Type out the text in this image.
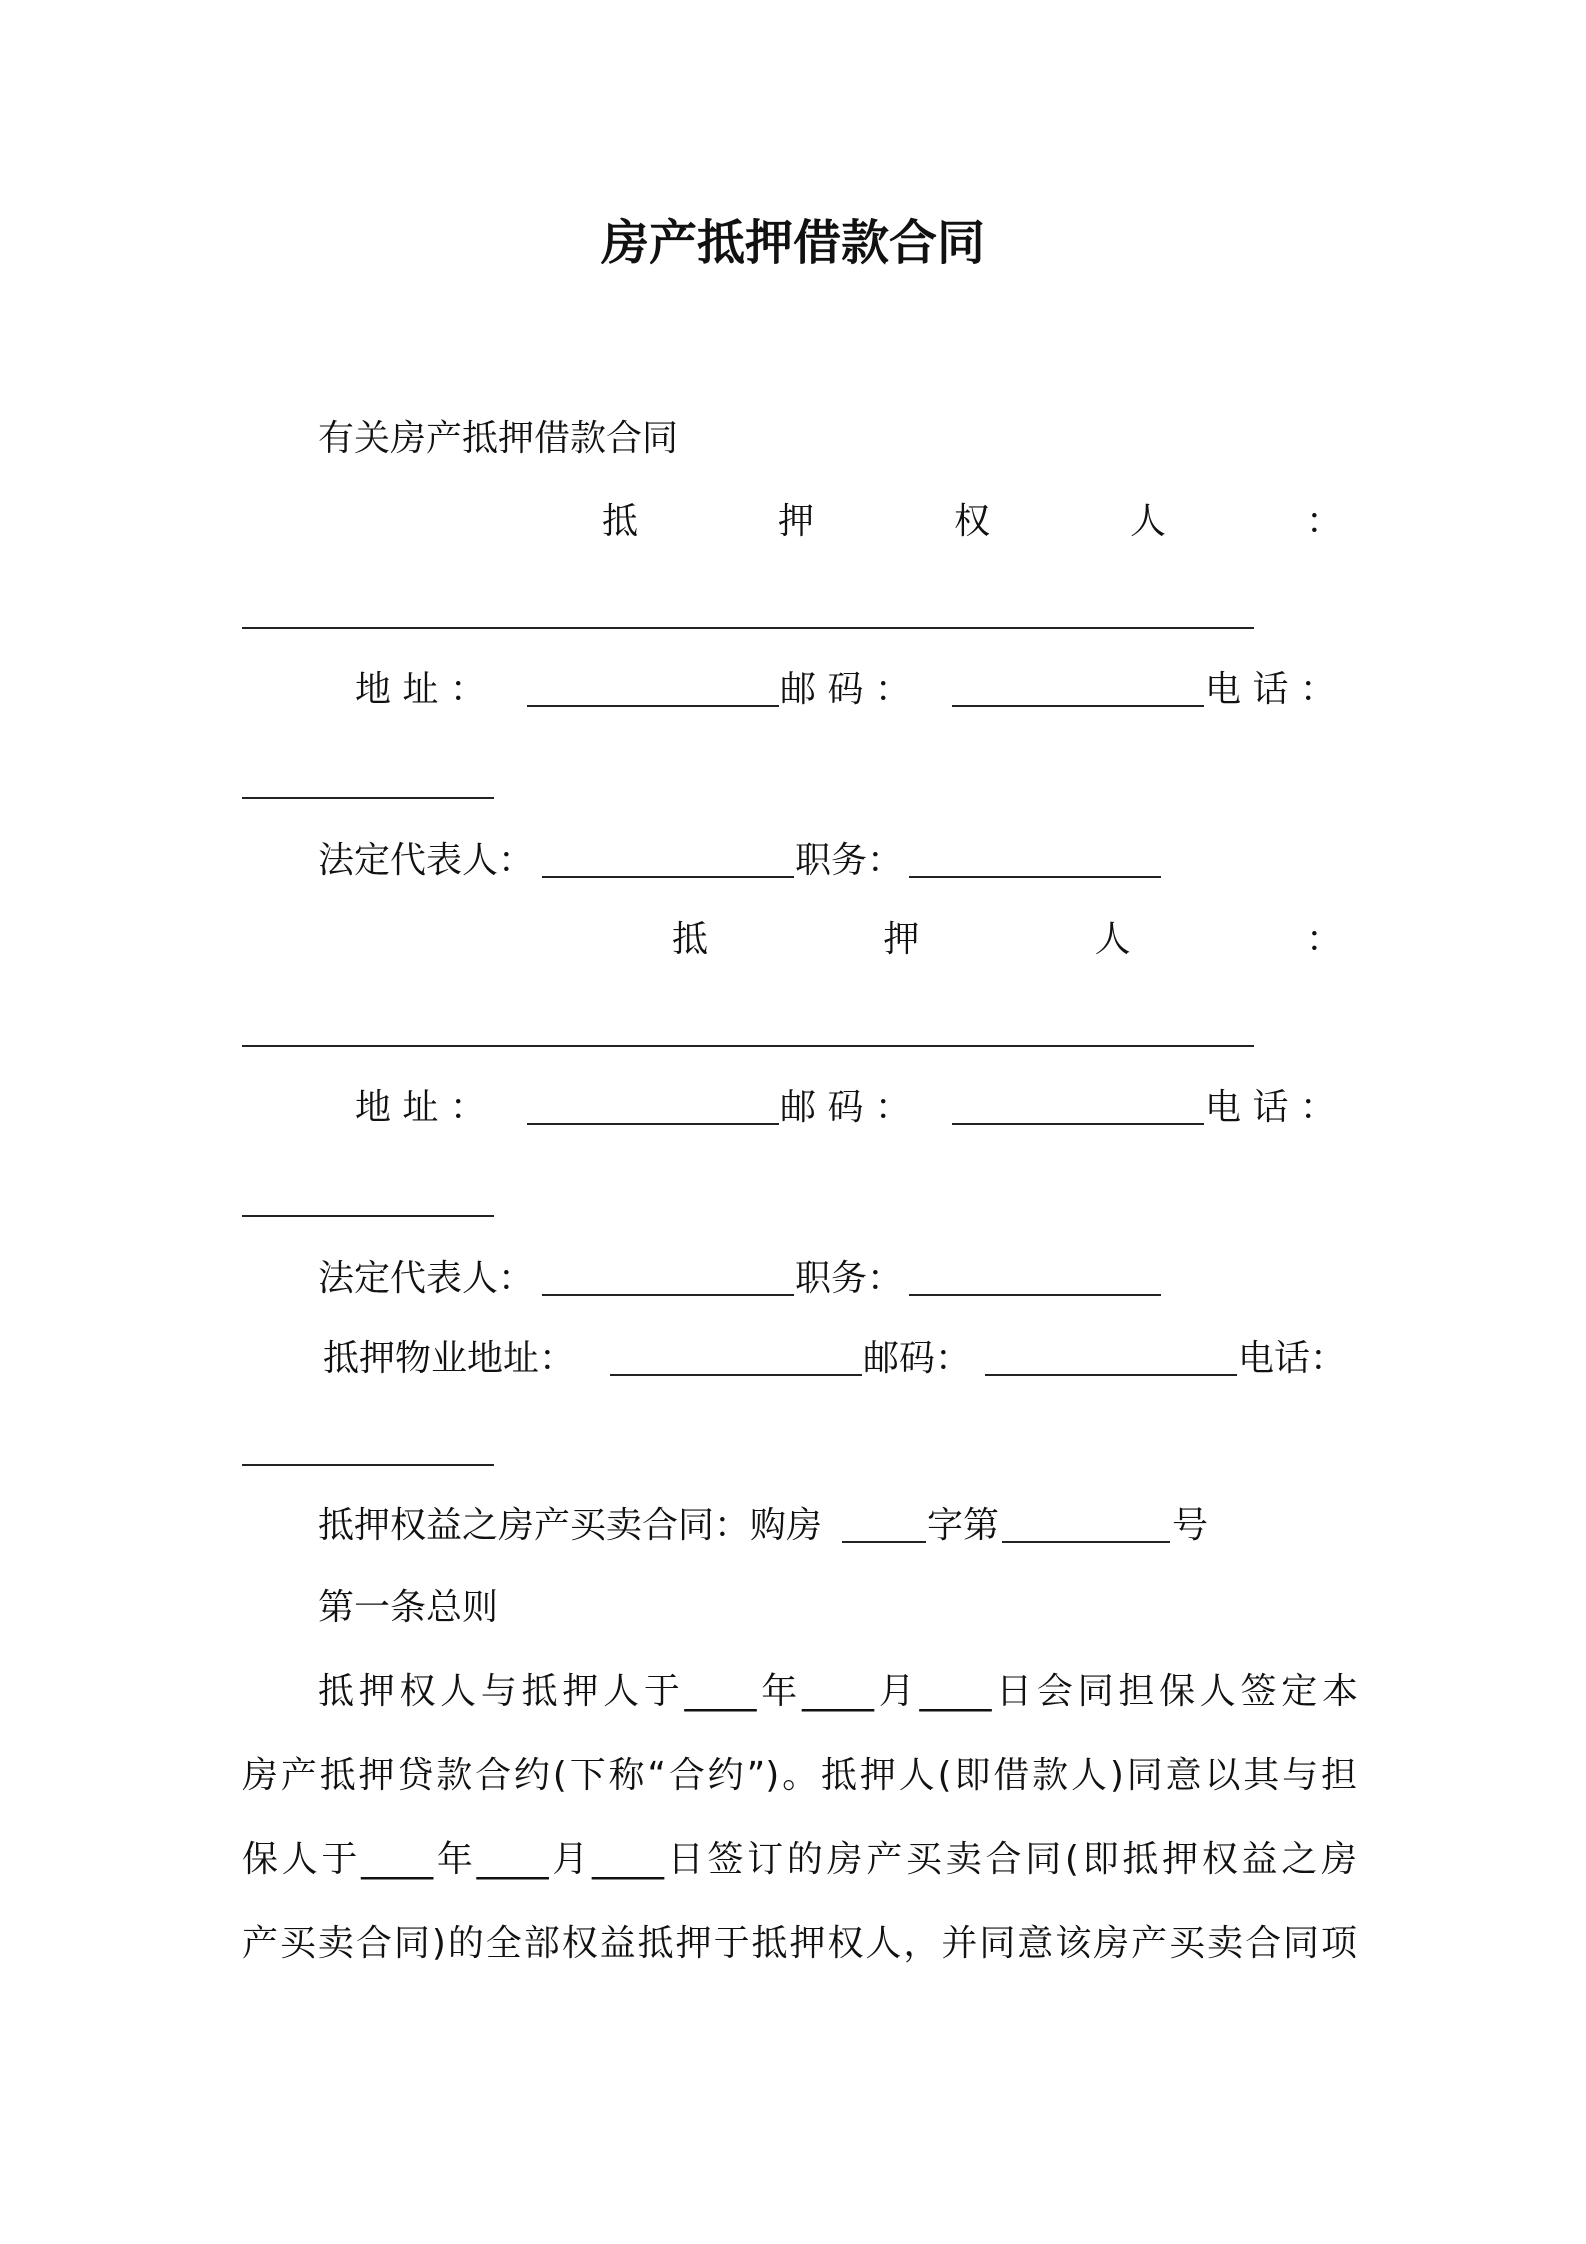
房产抵押借款合同
有关房产抵押借款合同
抵	押	权	人	：
地 址 ：	邮 码 ：	电 话 ：
法定代表人：	职务：
抵	押	人	：
地 址 ：	邮 码 ：	电 话 ：
法定代表人：	职务：
抵押物业地址：	邮码：	电话：
抵押权益之房产买卖合同：购房	字第	号
第一条总则
抵押权人与抵押人于____年____月____日会同担保人签定本
房产抵押贷款合约(下称“合约”)。抵押人(即借款人)同意以其与担
保人于____年____月____日签订的房产买卖合同(即抵押权益之房
产买卖合同)的全部权益抵押于抵押权人，并同意该房产买卖合同项
